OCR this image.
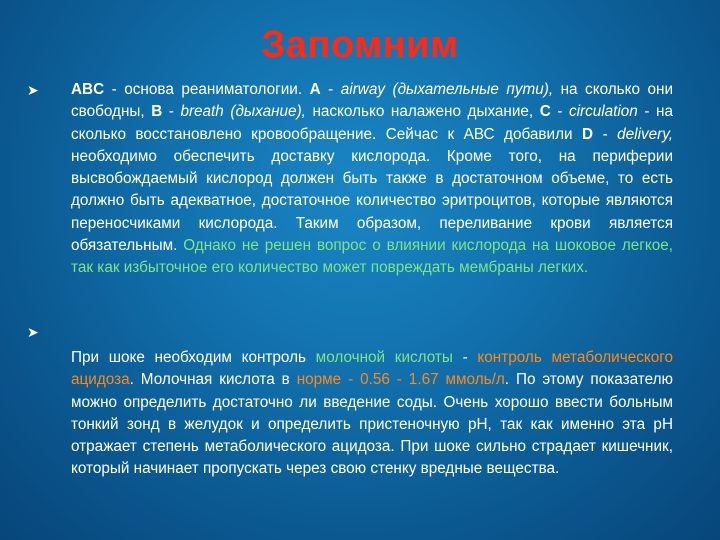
Запомним
➤ ABC - основа реаниматологии. А - airway (дыхательные пути), на сколько они свободны, В - breath (дыхание), насколько налажено дыхание, С - circulation - на сколько восстановлено кровообращение. Сейчас к АВС добавили D - delivery, необходимо обеспечить доставку кислорода. Кроме того, на периферии высвобождаемый кислород должен быть также в достаточном объеме, то есть должно быть адекватное, достаточное количество эритроцитов, которые являются переносчиками кислорода. Таким образом, переливание крови является обязательным. Однако не решен вопрос о влиянии кислорода на шоковое легкое, так как избыточное его количество может повреждать мембраны легких.
➤
При шоке необходим контроль молочной кислоты - контроль метаболического ацидоза. Молочная кислота в норме - 0.56 - 1.67 ммоль/л. По этому показателю можно определить достаточно ли введение соды. Очень хорошо ввести больным тонкий зонд в желудок и определить пристеночную pH, так как именно эта pH отражает степень метаболического ацидоза. При шоке сильно страдает кишечник, который начинает пропускать через свою стенку вредные вещества.
